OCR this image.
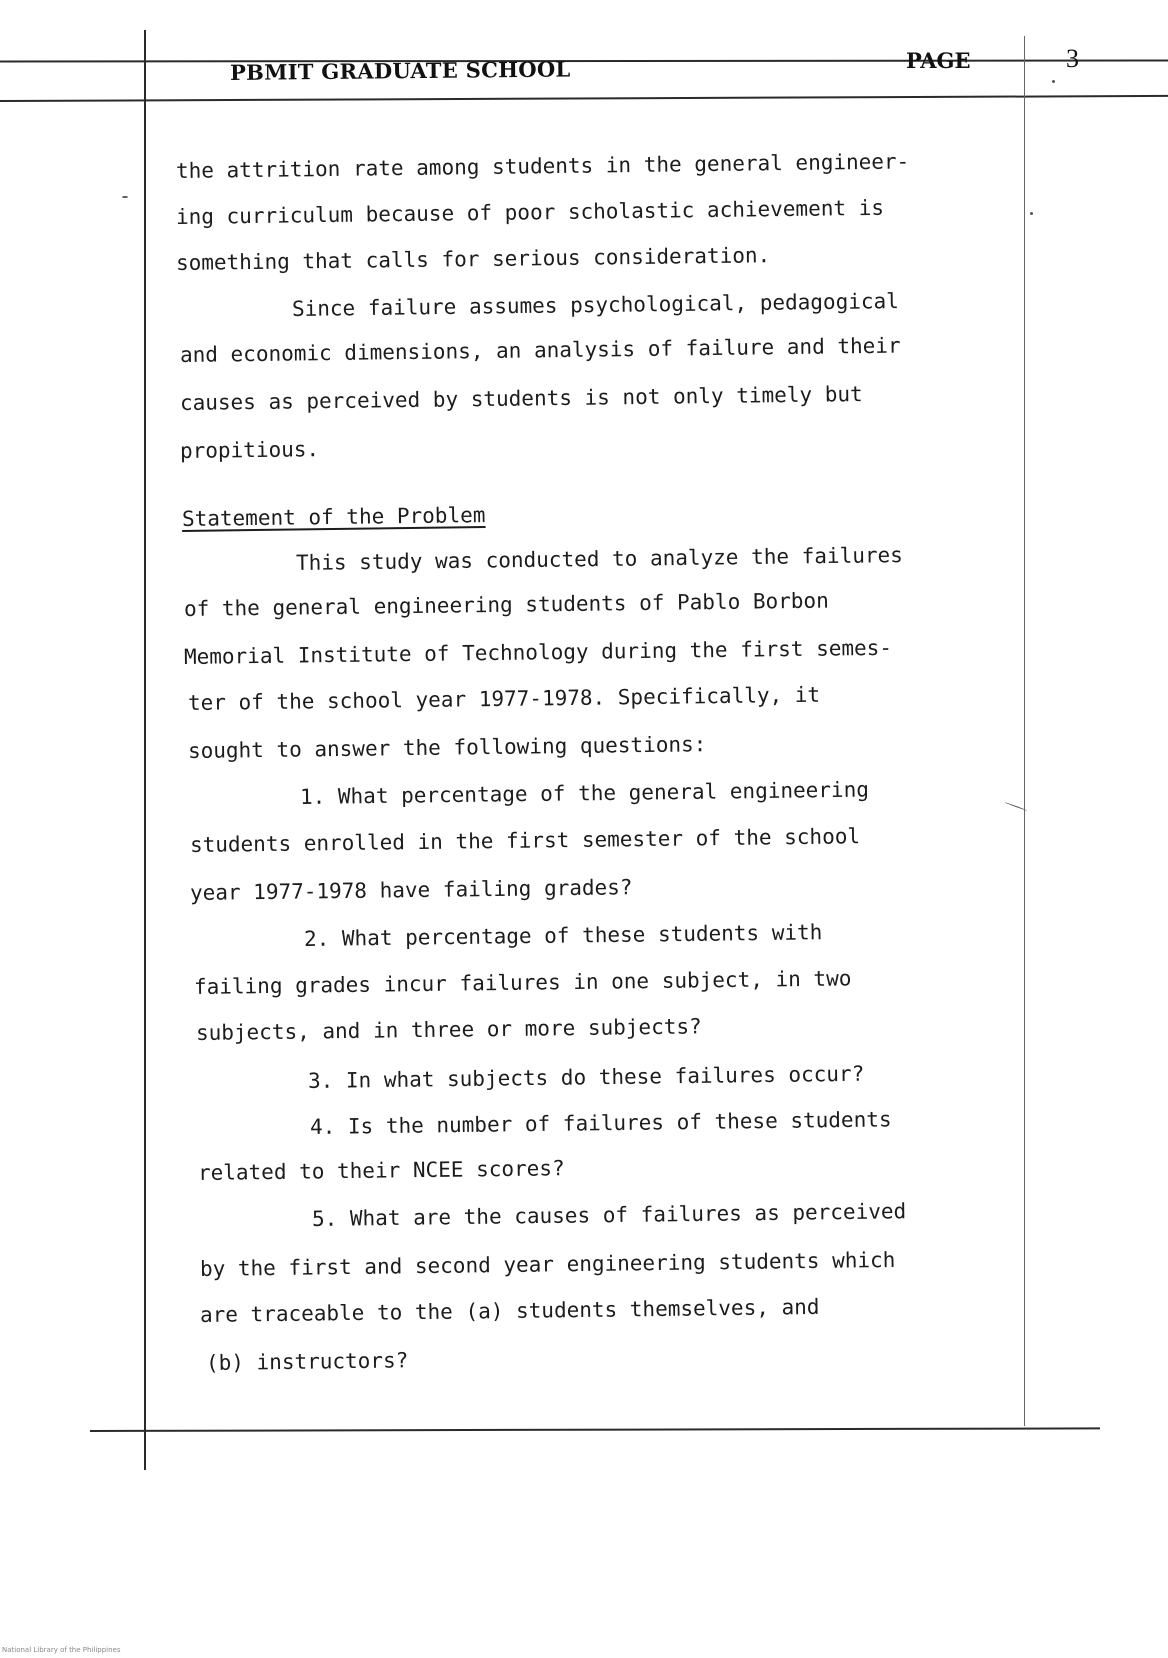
PBMIT GRADUATE SCHOOL	PAGE	3
the attrition rate among students in the general engineer-
ing curriculum because of poor scholastic achievement is
something that calls for serious consideration.
Since failure assumes psychological, pedagogical
and economic dimensions, an analysis of failure and their
causes as perceived by students is not only timely but
propitious.
Statement of the Problem
This study was conducted to analyze the failures
of the general engineering students of Pablo Borbon
Memorial Institute of Technology during the first semes-
ter of the school year 1977-1978. Specifically, it
sought to answer the following questions:
1. What percentage of the general engineering
students enrolled in the first semester of the school
year 1977-1978 have failing grades?
2. What percentage of these students with
failing grades incur failures in one subject, in two
subjects, and in three or more subjects?
3. In what subjects do these failures occur?
4. Is the number of failures of these students
related to their NCEE scores?
5. What are the causes of failures as perceived
by the first and second year engineering students which
are traceable to the (a) students themselves, and
(b) instructors?
National Library of the Philippines
